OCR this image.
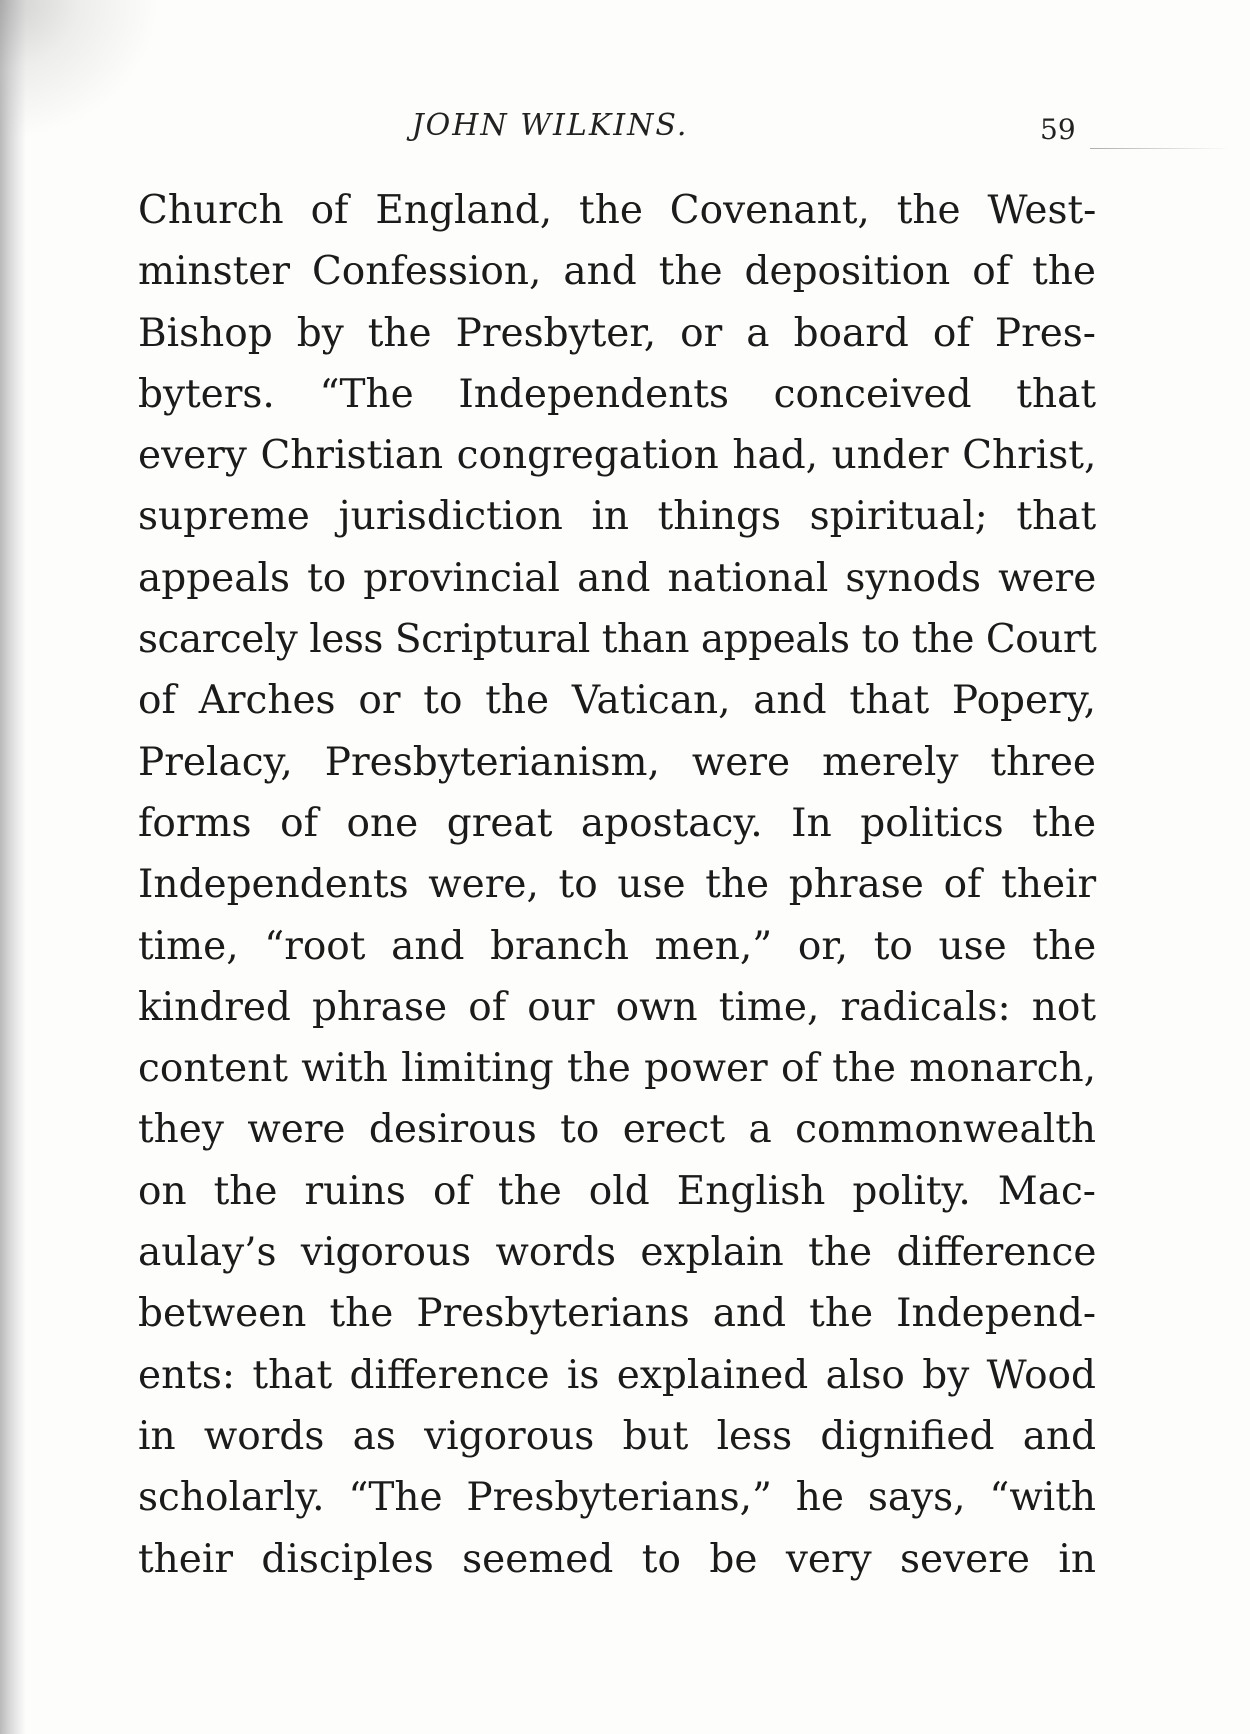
JOHN WILKINS.	59
Church of England, the Covenant, the West-
minster Confession, and the deposition of the
Bishop by the Presbyter, or a board of Pres-
byters. “The Independents conceived that
every Christian congregation had, under Christ,
supreme jurisdiction in things spiritual; that
appeals to provincial and national synods were
scarcely less Scriptural than appeals to the Court
of Arches or to the Vatican, and that Popery,
Prelacy, Presbyterianism, were merely three
forms of one great apostacy. In politics the
Independents were, to use the phrase of their
time, “root and branch men,” or, to use the
kindred phrase of our own time, radicals: not
content with limiting the power of the monarch,
they were desirous to erect a commonwealth
on the ruins of the old English polity. Mac-
aulay’s vigorous words explain the difference
between the Presbyterians and the Independ-
ents: that difference is explained also by Wood
in words as vigorous but less dignified and
scholarly. “The Presbyterians,” he says, “with
their disciples seemed to be very severe in
